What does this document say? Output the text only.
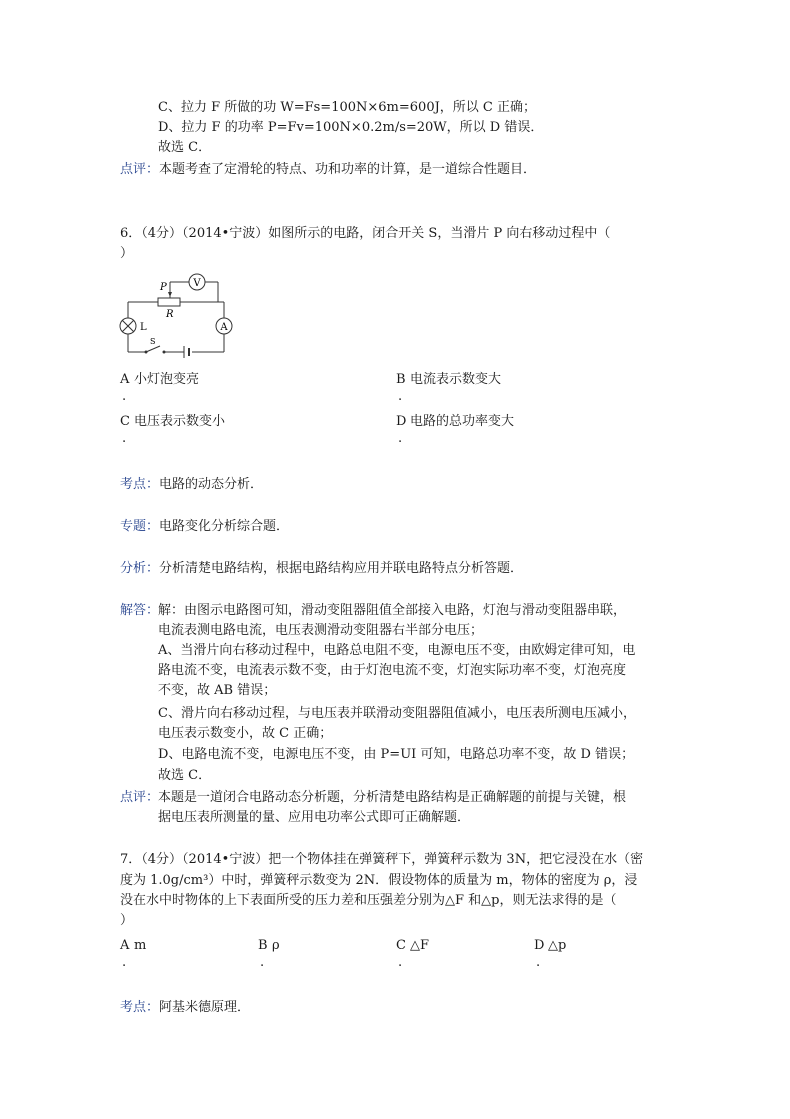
C、拉力 F 所做的功 W=Fs=100N×6m=600J，所以 C 正确；
D、拉力 F 的功率 P=Fv=100N×0.2m/s=20W，所以 D 错误．
故选 C．
点评：本题考查了定滑轮的特点、功和功率的计算，是一道综合性题目．
6．（4分）（2014•宁波）如图所示的电路，闭合开关 S，当滑片 P 向右移动过程中（
）
V
A
P
R
L
S
A 小灯泡变亮
.
B 电流表示数变大
.
C 电压表示数变小
.
D 电路的总功率变大
.
考点：电路的动态分析．
专题：电路变化分析综合题．
分析：分析清楚电路结构，根据电路结构应用并联电路特点分析答题．
解答：
解：由图示电路图可知，滑动变阻器阻值全部接入电路，灯泡与滑动变阻器串联，
电流表测电路电流，电压表测滑动变阻器右半部分电压；
A、当滑片向右移动过程中，电路总电阻不变，电源电压不变，由欧姆定律可知，电
路电流不变，电流表示数不变，由于灯泡电流不变，灯泡实际功率不变，灯泡亮度
不变，故 AB 错误；
C、滑片向右移动过程，与电压表并联滑动变阻器阻值减小，电压表所测电压减小，
电压表示数变小，故 C 正确；
D、电路电流不变，电源电压不变，由 P=UI 可知，电路总功率不变，故 D 错误；
故选 C．
点评：
本题是一道闭合电路动态分析题，分析清楚电路结构是正确解题的前提与关键，根
据电压表所测量的量、应用电功率公式即可正确解题．
7．（4分）（2014•宁波）把一个物体挂在弹簧秤下，弹簧秤示数为 3N，把它浸没在水（密
度为 1.0g/cm³）中时，弹簧秤示数变为 2N．假设物体的质量为 m，物体的密度为 ρ，浸
没在水中时物体的上下表面所受的压力差和压强差分别为△F 和△p，则无法求得的是（
）
A m
.
B ρ
.
C △F
.
D △p
.
考点：阿基米德原理．
